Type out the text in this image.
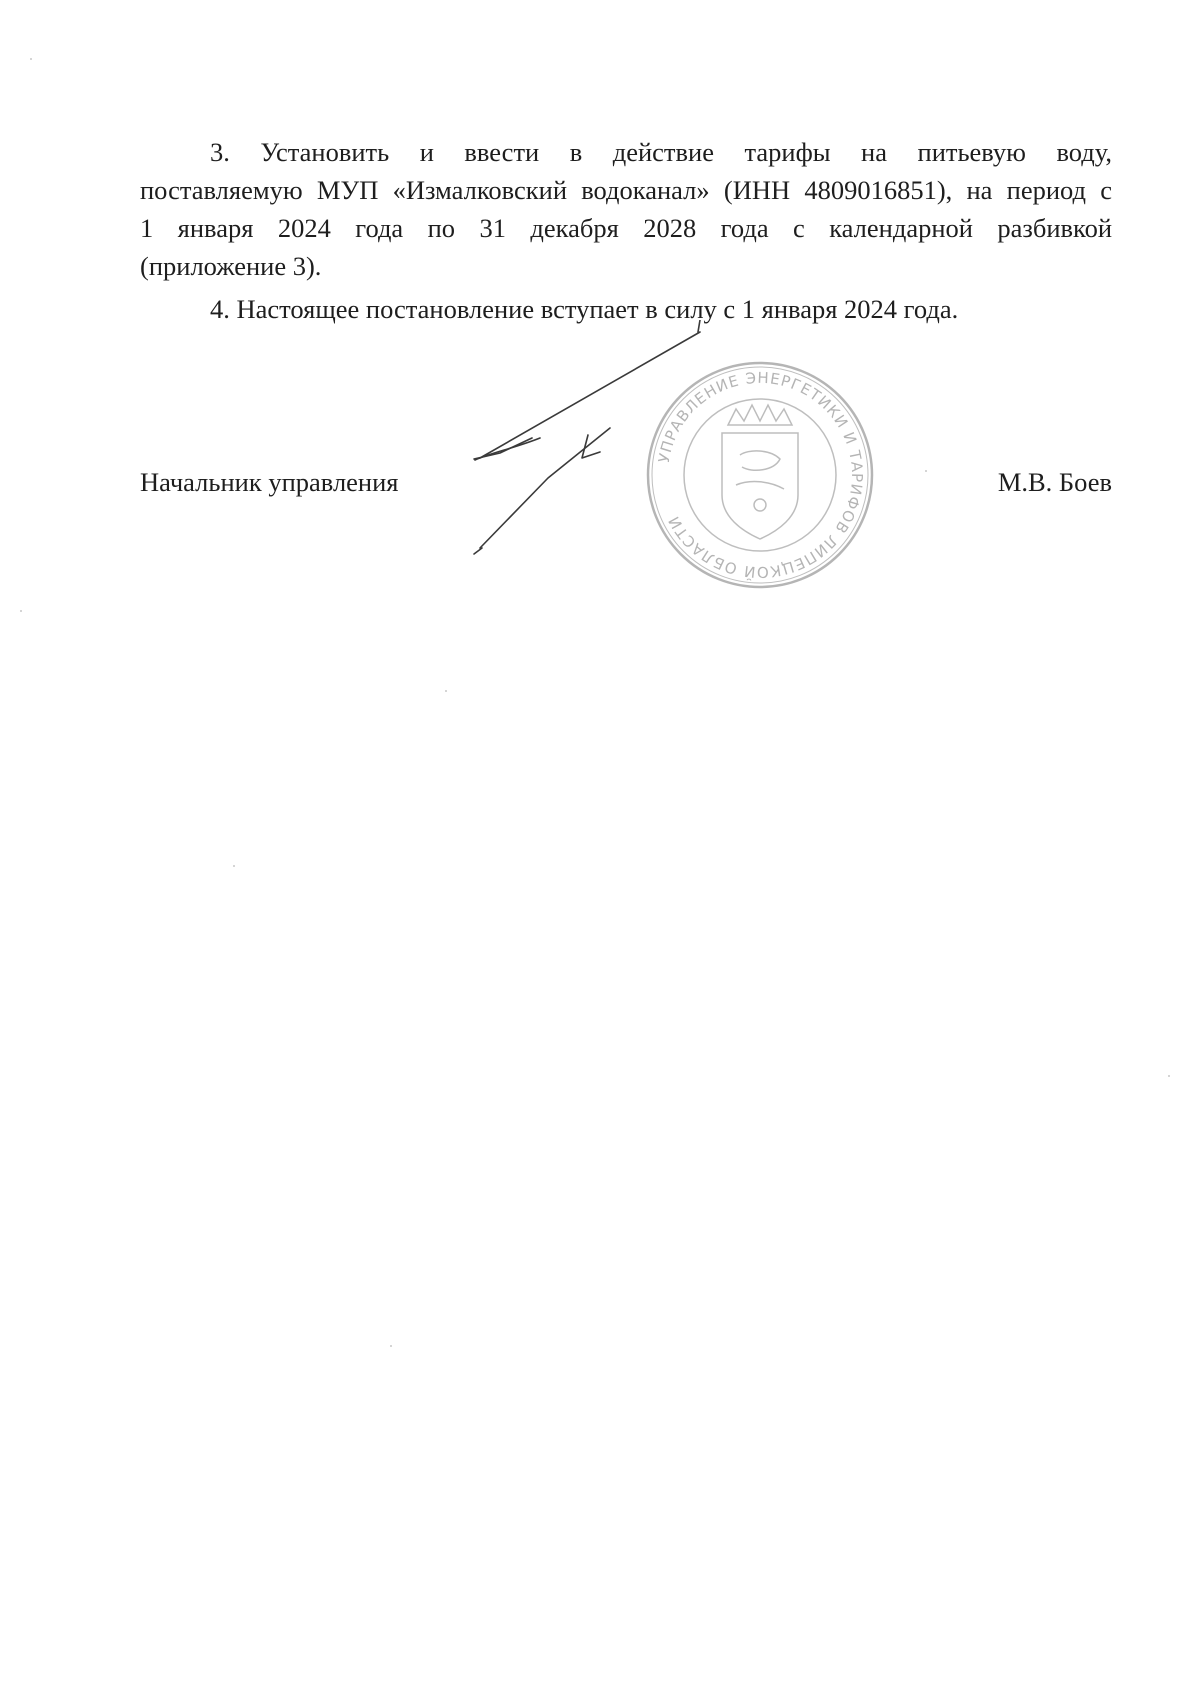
3. Установить и ввести в действие тарифы на питьевую воду,
поставляемую МУП «Измалковский водоканал» (ИНН 4809016851), на период с
1 января 2024 года по 31 декабря 2028 года с календарной разбивкой
(приложение 3).
4. Настоящее постановление вступает в силу с 1 января 2024 года.
Начальник управления	М.В. Боев
УПРАВЛЕНИЕ ЭНЕРГЕТИКИ И ТАРИФОВ ЛИПЕЦКОЙ ОБЛАСТИ
